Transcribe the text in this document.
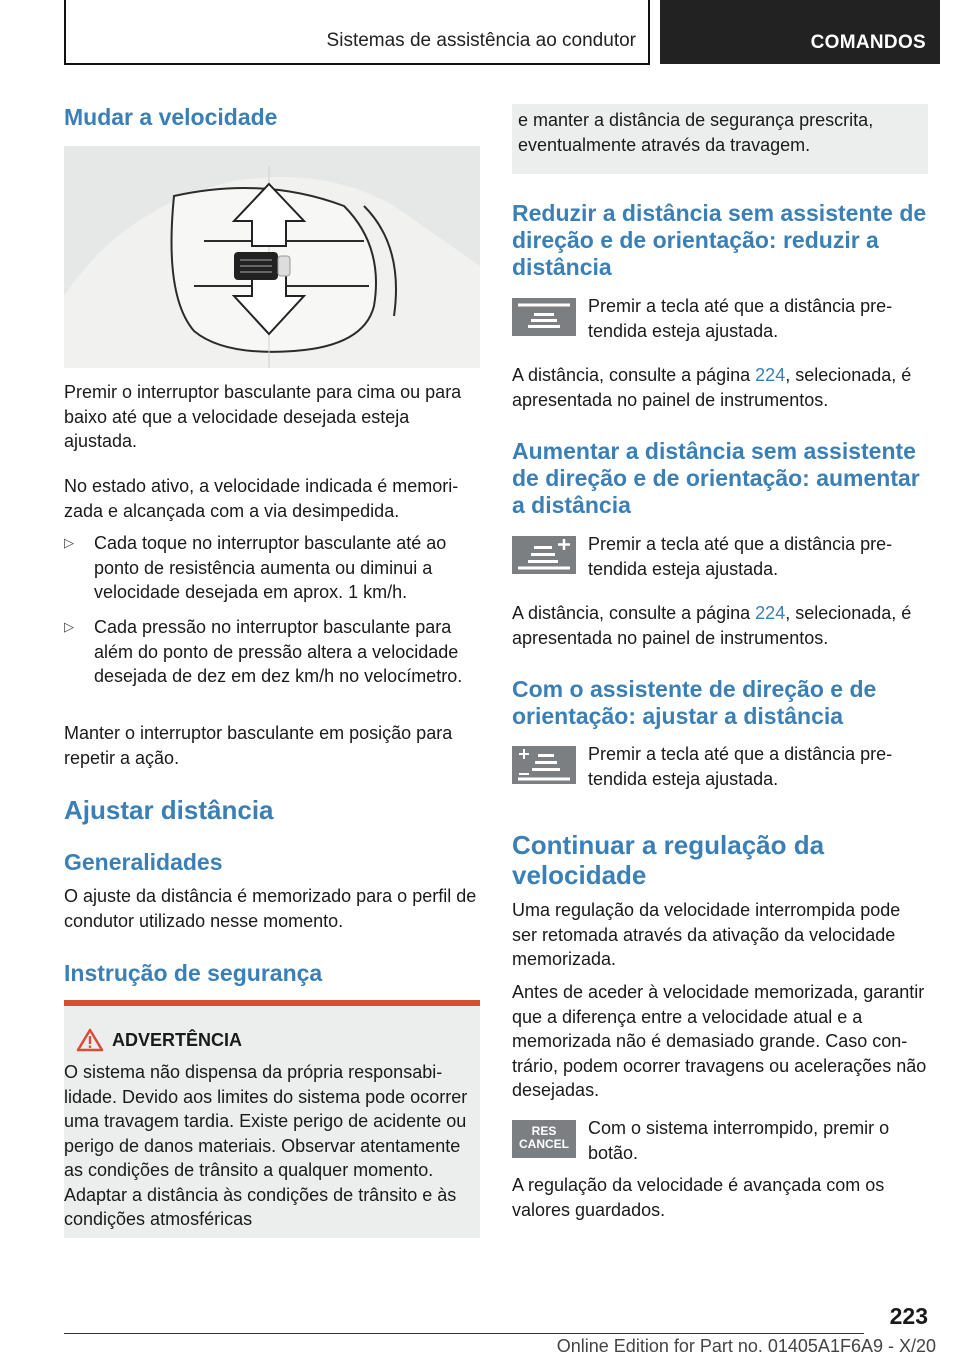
Sistemas de assistência ao condutor	COMANDOS
Mudar a velocidade

Premir o interruptor basculante para cima ou para baixo até que a velocidade desejada esteja ajustada.

No estado ativo, a velocidade indicada é memorizada e alcançada com a via desimpedida.

▷	Cada toque no interruptor basculante até ao ponto de resistência aumenta ou diminui a velocidade desejada em aprox. 1 km/h.
▷	Cada pressão no interruptor basculante para além do ponto de pressão altera a velocidade desejada de dez em dez km/h no velocímetro.

Manter o interruptor basculante em posição para repetir a ação.

Ajustar distância
Generalidades

O ajuste da distância é memorizado para o perfil de condutor utilizado nesse momento.

Instrução de segurança
ADVERTÊNCIA

O sistema não dispensa da própria responsabilidade. Devido aos limites do sistema pode ocorrer uma travagem tardia. Existe perigo de acidente ou perigo de danos materiais. Observar atentamente as condições de trânsito a qualquer momento. Adaptar a distância às condições de trânsito e às condições atmosféricas

e manter a distância de segurança prescrita, eventualmente através da travagem.

Reduzir a distância sem assistente de direção e de orientação: reduzir a distância

Premir a tecla até que a distância pretendida esteja ajustada.

A distância, consulte a página 224, selecionada, é apresentada no painel de instrumentos.

Aumentar a distância sem assistente de direção e de orientação: aumentar a distância

Premir a tecla até que a distância pretendida esteja ajustada.

A distância, consulte a página 224, selecionada, é apresentada no painel de instrumentos.

Com o assistente de direção e de orientação: ajustar a distância

Premir a tecla até que a distância pretendida esteja ajustada.

Continuar a regulação da velocidade

Uma regulação da velocidade interrompida pode ser retomada através da ativação da velocidade memorizada.

Antes de aceder à velocidade memorizada, garantir que a diferença entre a velocidade atual e a memorizada não é demasiado grande. Caso contrário, podem ocorrer travagens ou acelerações não desejadas.

RES
CANCEL

Com o sistema interrompido, premir o botão.

A regulação da velocidade é avançada com os valores guardados.

223
Online Edition for Part no. 01405A1F6A9 - X/20
